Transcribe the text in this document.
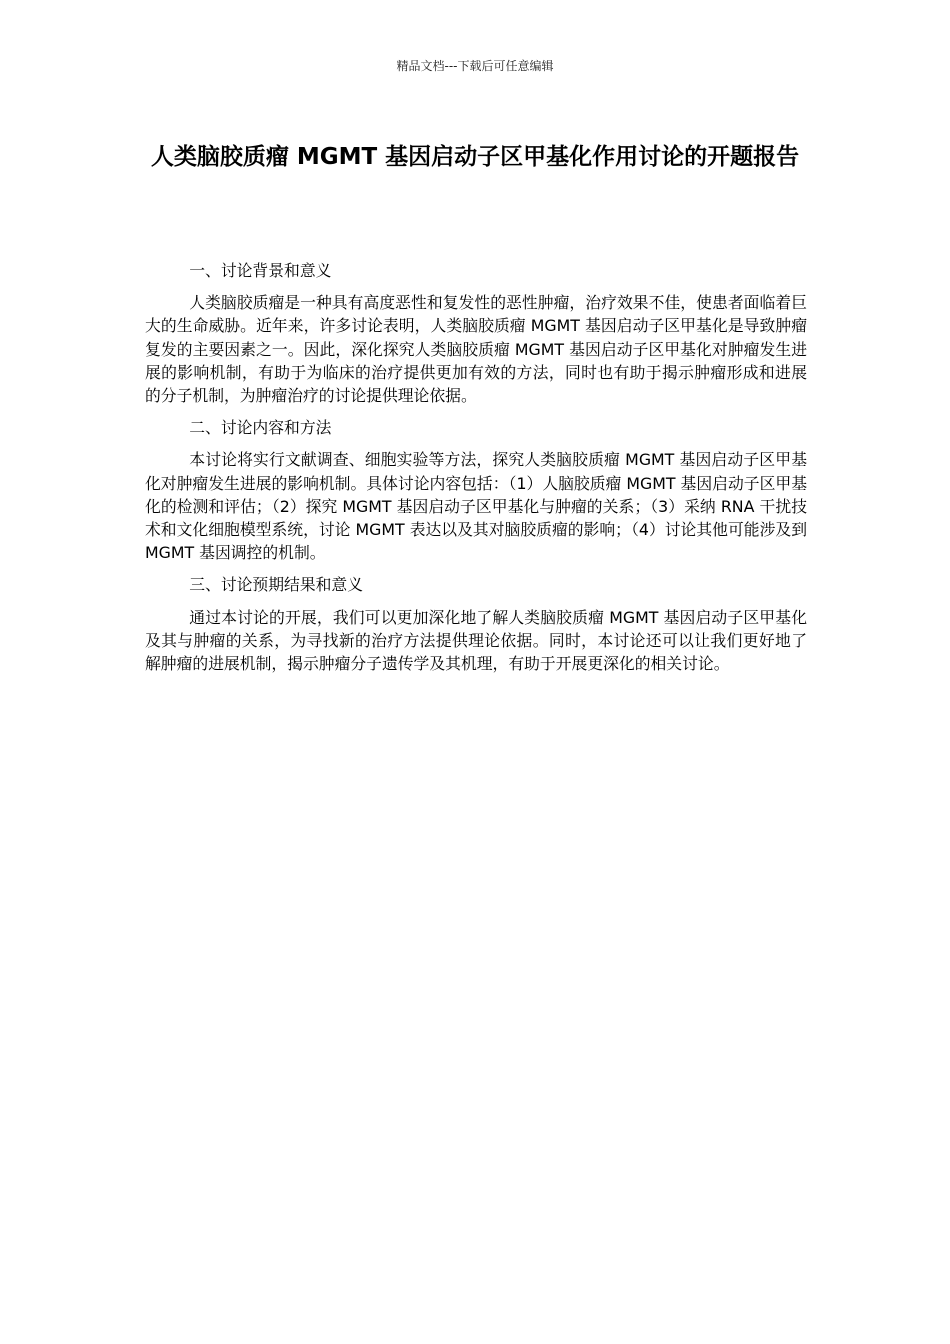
精品文档---下载后可任意编辑
人类脑胶质瘤 MGMT 基因启动子区甲基化作用讨论的开题报告
一、讨论背景和意义

人类脑胶质瘤是一种具有高度恶性和复发性的恶性肿瘤，治疗效果不佳，使患者面临着巨大的生命威胁。近年来，许多讨论表明，人类脑胶质瘤 MGMT 基因启动子区甲基化是导致肿瘤复发的主要因素之一。因此，深化探究人类脑胶质瘤 MGMT 基因启动子区甲基化对肿瘤发生进展的影响机制，有助于为临床的治疗提供更加有效的方法，同时也有助于揭示肿瘤形成和进展的分子机制，为肿瘤治疗的讨论提供理论依据。

二、讨论内容和方法

本讨论将实行文献调查、细胞实验等方法，探究人类脑胶质瘤 MGMT 基因启动子区甲基化对肿瘤发生进展的影响机制。具体讨论内容包括：（1）人脑胶质瘤 MGMT 基因启动子区甲基化的检测和评估；（2）探究 MGMT 基因启动子区甲基化与肿瘤的关系；（3）采纳 RNA 干扰技术和文化细胞模型系统，讨论 MGMT 表达以及其对脑胶质瘤的影响；（4）讨论其他可能涉及到 MGMT 基因调控的机制。

三、讨论预期结果和意义

通过本讨论的开展，我们可以更加深化地了解人类脑胶质瘤 MGMT 基因启动子区甲基化及其与肿瘤的关系，为寻找新的治疗方法提供理论依据。同时，本讨论还可以让我们更好地了解肿瘤的进展机制，揭示肿瘤分子遗传学及其机理，有助于开展更深化的相关讨论。
